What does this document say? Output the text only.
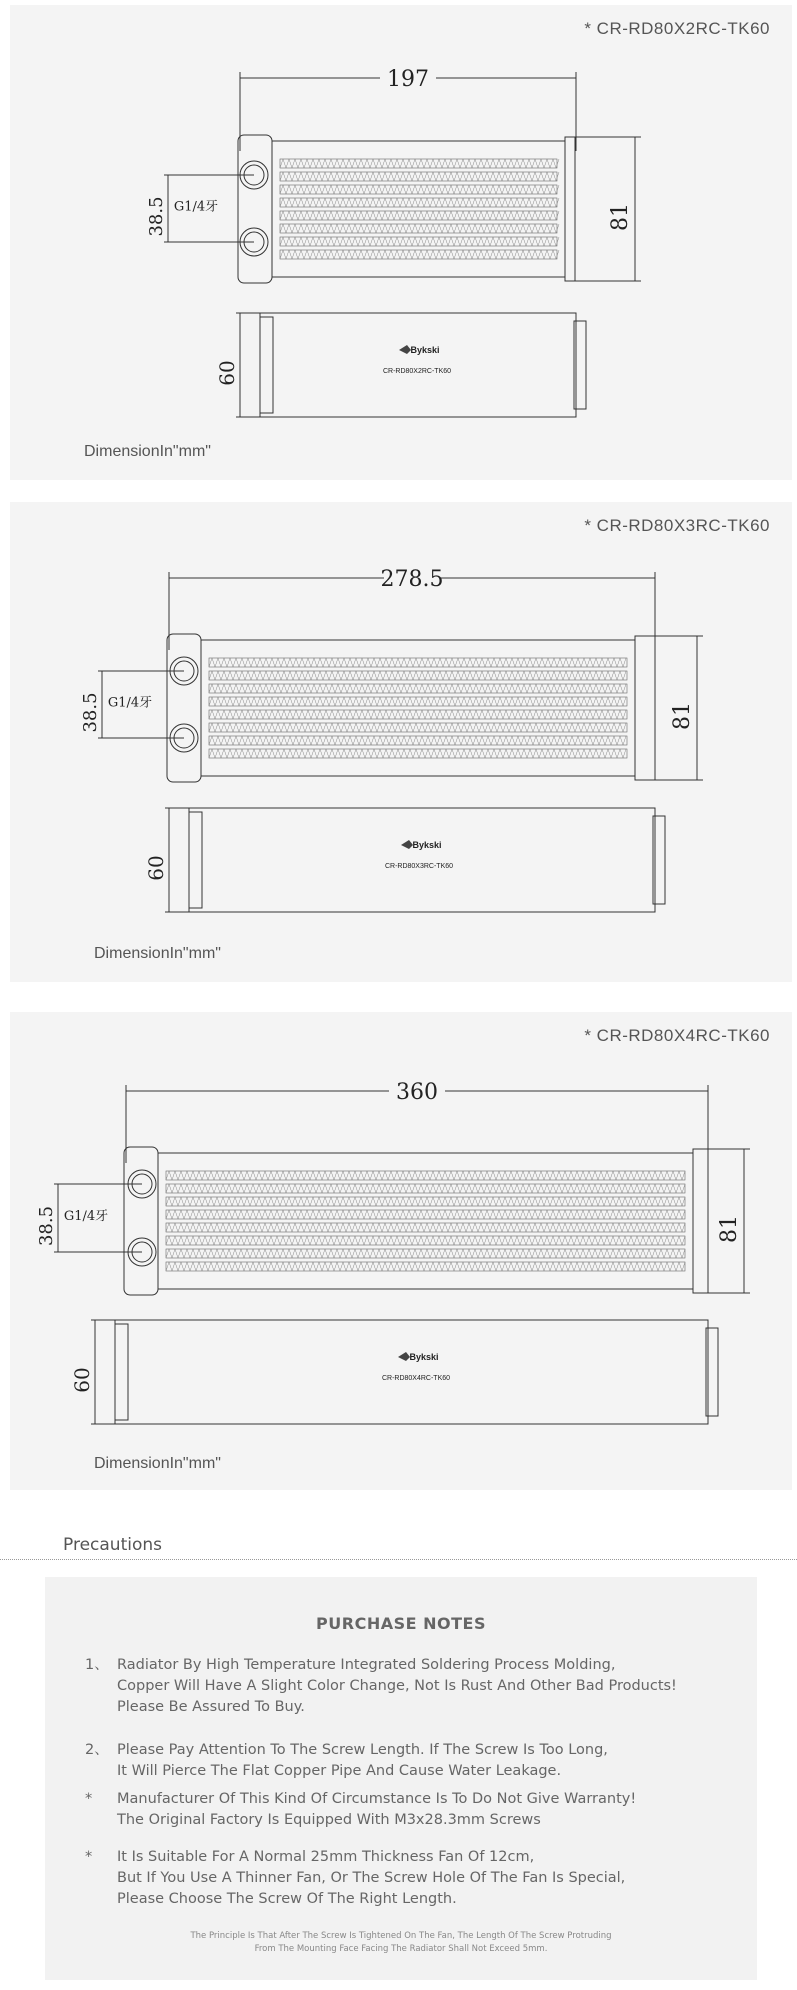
* CR-RD80X2RC-TK60
197
81
38.5 G1/4牙
60
Bykski
CR-RD80X2RC-TK60
DimensionIn"mm"
* CR-RD80X3RC-TK60
278.5
81
38.5 G1/4牙
60
Bykski
CR-RD80X3RC-TK60
DimensionIn"mm"
* CR-RD80X4RC-TK60
360
81
38.5 G1/4牙
60
Bykski
CR-RD80X4RC-TK60
DimensionIn"mm"
Precautions
PURCHASE NOTES
1、 Radiator By High Temperature Integrated Soldering Process Molding,
Copper Will Have A Slight Color Change, Not Is Rust And Other Bad Products!
Please Be Assured To Buy.
2、 Please Pay Attention To The Screw Length. If The Screw Is Too Long,
It Will Pierce The Flat Copper Pipe And Cause Water Leakage.
*	Manufacturer Of This Kind Of Circumstance Is To Do Not Give Warranty!
The Original Factory Is Equipped With M3x28.3mm Screws
*	It Is Suitable For A Normal 25mm Thickness Fan Of 12cm,
But If You Use A Thinner Fan, Or The Screw Hole Of The Fan Is Special,
Please Choose The Screw Of The Right Length.
The Principle Is That After The Screw Is Tightened On The Fan, The Length Of The Screw Protruding
From The Mounting Face Facing The Radiator Shall Not Exceed 5mm.
